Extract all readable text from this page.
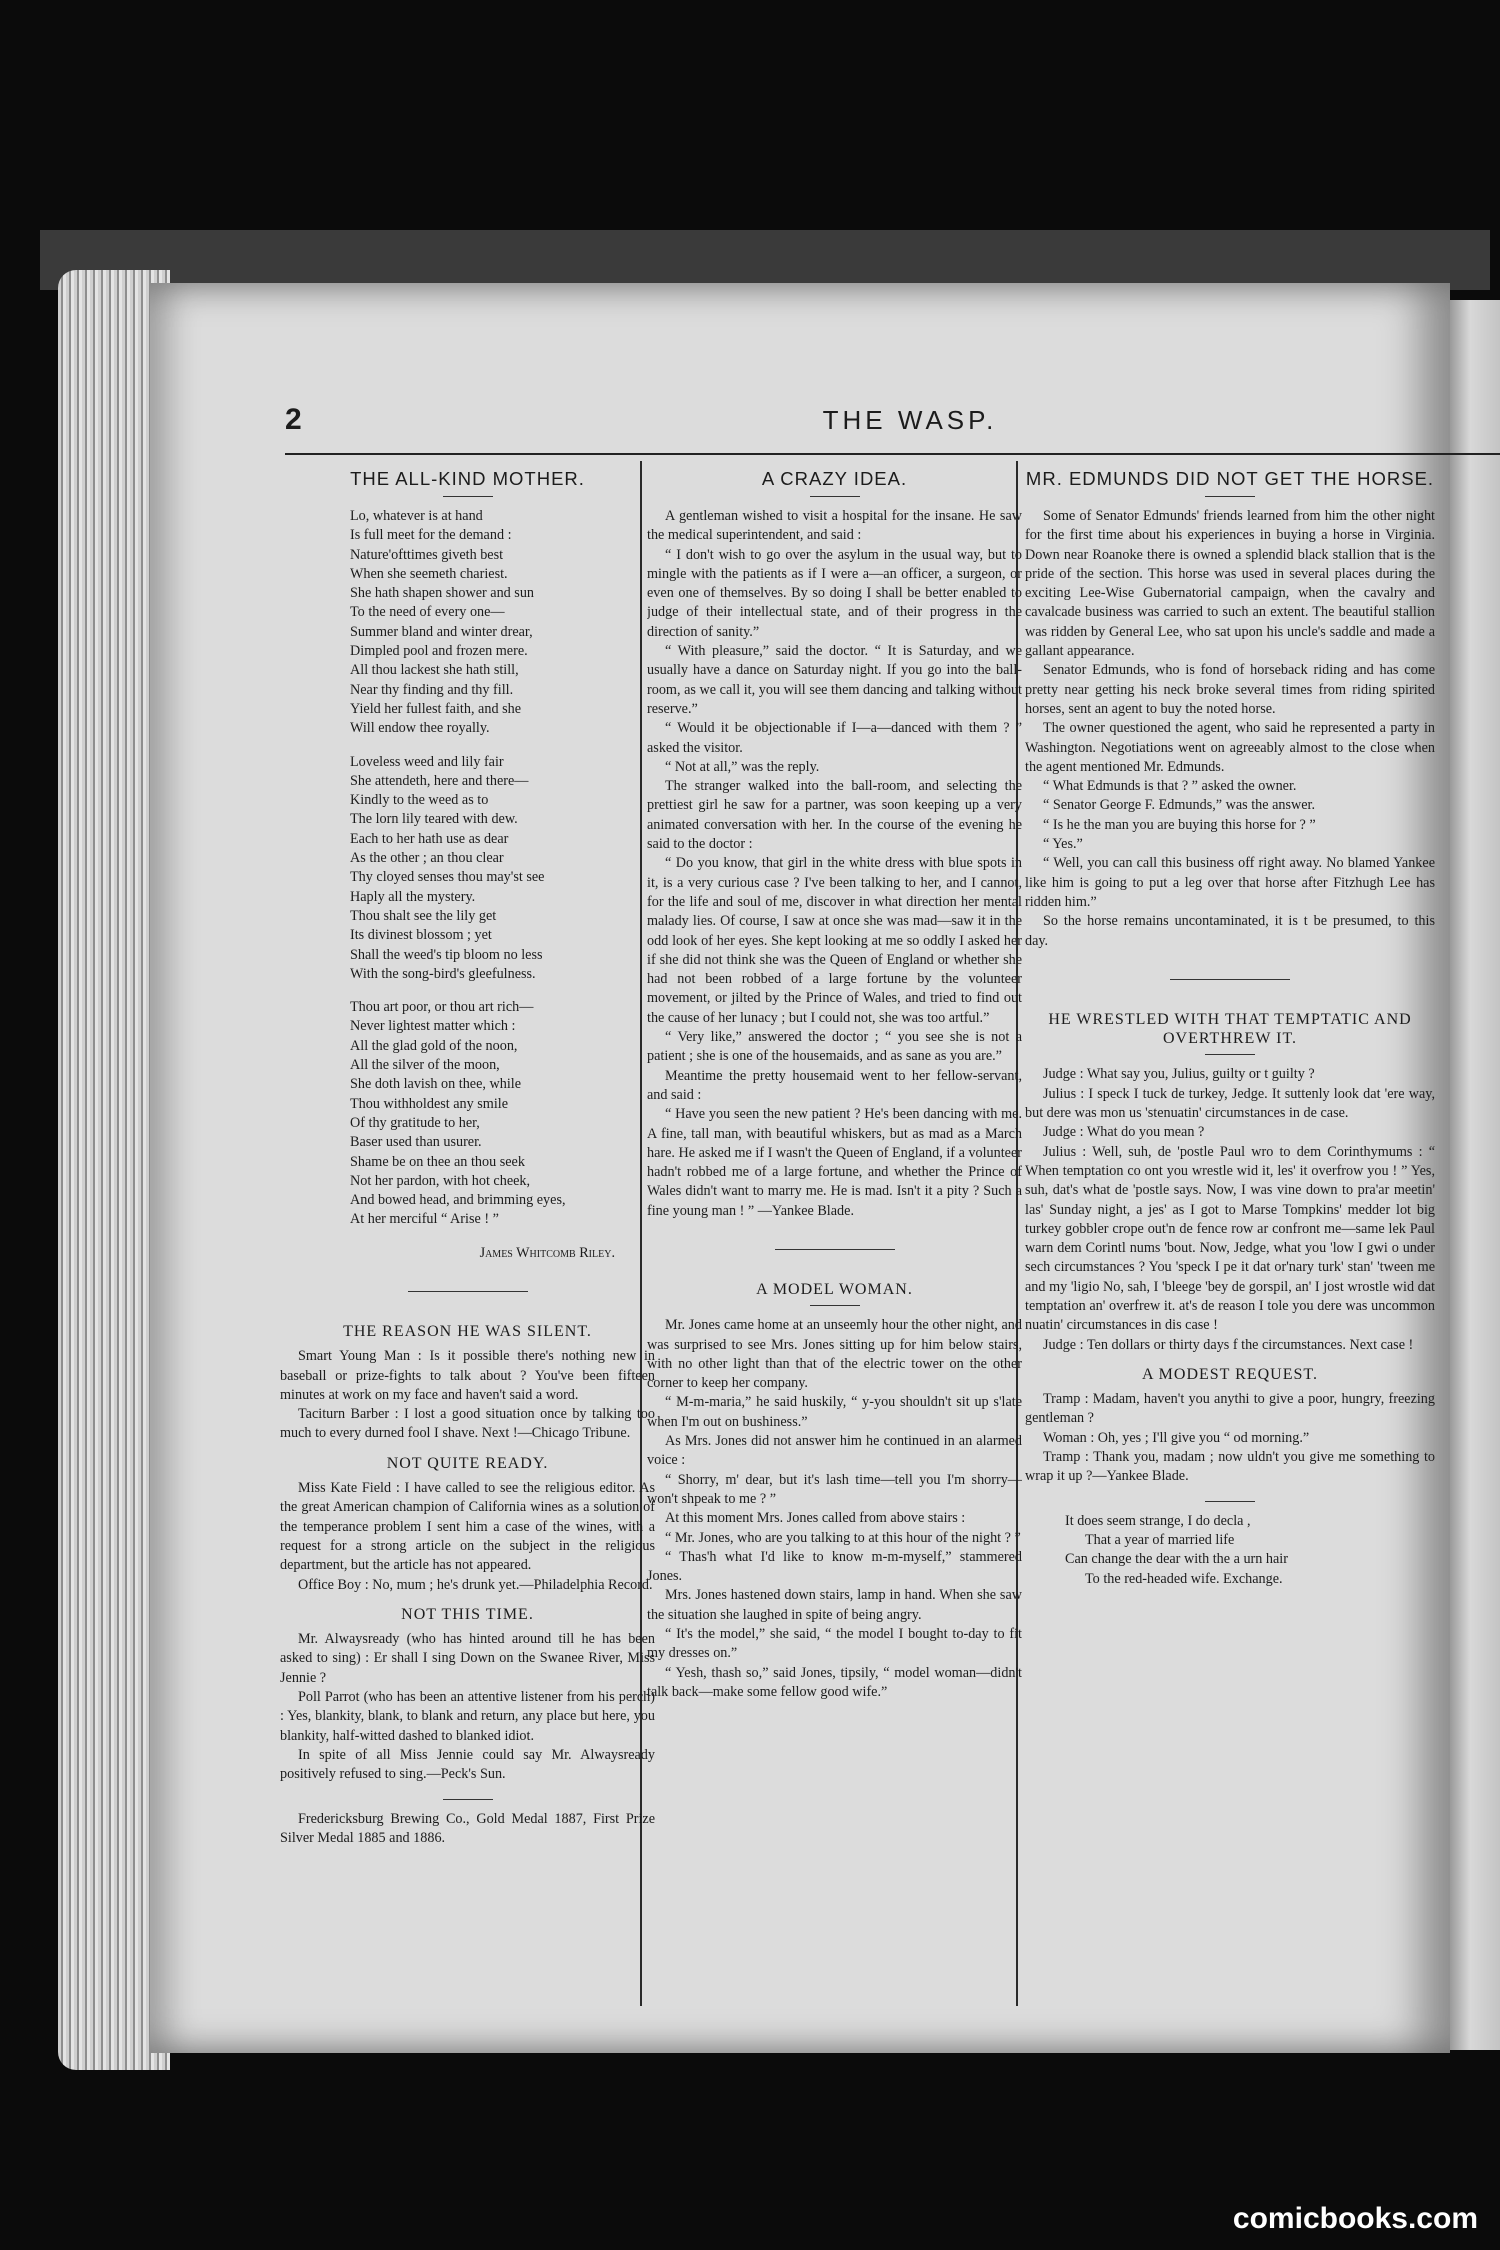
2	THE WASP.
THE ALL-KIND MOTHER.
Lo, whatever is at hand
Is full meet for the demand :
Nature'ofttimes giveth best
When she seemeth chariest.
She hath shapen shower and sun
To the need of every one—
Summer bland and winter drear,
Dimpled pool and frozen mere.
All thou lackest she hath still,
Near thy finding and thy fill.
Yield her fullest faith, and she
Will endow thee royally.
Loveless weed and lily fair
She attendeth, here and there—
Kindly to the weed as to
The lorn lily teared with dew.
Each to her hath use as dear
As the other ; an thou clear
Thy cloyed senses thou may'st see
Haply all the mystery.
Thou shalt see the lily get
Its divinest blossom ; yet
Shall the weed's tip bloom no less
With the song-bird's gleefulness.
Thou art poor, or thou art rich—
Never lightest matter which :
All the glad gold of the noon,
All the silver of the moon,
She doth lavish on thee, while
Thou withholdest any smile
Of thy gratitude to her,
Baser used than usurer.
Shame be on thee an thou seek
Not her pardon, with hot cheek,
And bowed head, and brimming eyes,
At her merciful “ Arise ! ”
James Whitcomb Riley.
THE REASON HE WAS SILENT.

Smart Young Man : Is it possible there's nothing new in baseball or prize-fights to talk about ? You've been fifteen minutes at work on my face and haven't said a word.

Taciturn Barber : I lost a good situation once by talking too much to every durned fool I shave. Next !—Chicago Tribune.

NOT QUITE READY.

Miss Kate Field : I have called to see the religious editor. As the great American champion of California wines as a solution of the temperance problem I sent him a case of the wines, with a request for a strong article on the subject in the religious department, but the article has not appeared.

Office Boy : No, mum ; he's drunk yet.—Philadelphia Record.

NOT THIS TIME.

Mr. Alwaysready (who has hinted around till he has been asked to sing) : Er shall I sing Down on the Swanee River, Miss Jennie ?

Poll Parrot (who has been an attentive listener from his perch) : Yes, blankity, blank, to blank and return, any place but here, you blankity, half-witted dashed to blanked idiot.

In spite of all Miss Jennie could say Mr. Alwaysready positively refused to sing.—Peck's Sun.

Fredericksburg Brewing Co., Gold Medal 1887, First Prize Silver Medal 1885 and 1886.

A CRAZY IDEA.

A gentleman wished to visit a hospital for the insane. He saw the medical superintendent, and said :

“ I don't wish to go over the asylum in the usual way, but to mingle with the patients as if I were a—an officer, a surgeon, or even one of themselves. By so doing I shall be better enabled to judge of their intellectual state, and of their progress in the direction of sanity.”

“ With pleasure,” said the doctor. “ It is Saturday, and we usually have a dance on Saturday night. If you go into the ball-room, as we call it, you will see them dancing and talking without reserve.”

“ Would it be objectionable if I—a—danced with them ? ” asked the visitor.

“ Not at all,” was the reply.

The stranger walked into the ball-room, and selecting the prettiest girl he saw for a partner, was soon keeping up a very animated conversation with her. In the course of the evening he said to the doctor :

“ Do you know, that girl in the white dress with blue spots in it, is a very curious case ? I've been talking to her, and I cannot, for the life and soul of me, discover in what direction her mental malady lies. Of course, I saw at once she was mad—saw it in the odd look of her eyes. She kept looking at me so oddly I asked her if she did not think she was the Queen of England or whether she had not been robbed of a large fortune by the volunteer movement, or jilted by the Prince of Wales, and tried to find out the cause of her lunacy ; but I could not, she was too artful.”

“ Very like,” answered the doctor ; “ you see she is not a patient ; she is one of the housemaids, and as sane as you are.”

Meantime the pretty housemaid went to her fellow-servant, and said :

“ Have you seen the new patient ? He's been dancing with me. A fine, tall man, with beautiful whiskers, but as mad as a March hare. He asked me if I wasn't the Queen of England, if a volunteer hadn't robbed me of a large fortune, and whether the Prince of Wales didn't want to marry me. He is mad. Isn't it a pity ? Such a fine young man ! ” —Yankee Blade.

A MODEL WOMAN.

Mr. Jones came home at an unseemly hour the other night, and was surprised to see Mrs. Jones sitting up for him below stairs, with no other light than that of the electric tower on the other corner to keep her company.

“ M-m-maria,” he said huskily, “ y-you shouldn't sit up s'late when I'm out on bushiness.”

As Mrs. Jones did not answer him he continued in an alarmed voice :

“ Shorry, m' dear, but it's lash time—tell you I'm shorry—won't shpeak to me ? ”

At this moment Mrs. Jones called from above stairs :

“ Mr. Jones, who are you talking to at this hour of the night ? ”

“ Thas'h what I'd like to know m-m-myself,” stammered Jones.

Mrs. Jones hastened down stairs, lamp in hand. When she saw the situation she laughed in spite of being angry.

“ It's the model,” she said, “ the model I bought to-day to fit my dresses on.”

“ Yesh, thash so,” said Jones, tipsily, “ model woman—didn't talk back—make some fellow good wife.”

MR. EDMUNDS DID NOT GET THE HORSE.

Some of Senator Edmunds' friends learned from him the other night for the first time about his experiences in buying a horse in Virginia. Down near Roanoke there is owned a splendid black stallion that is the pride of the section. This horse was used in several places during the exciting Lee-Wise Gubernatorial campaign, when the cavalry and cavalcade business was carried to such an extent. The beautiful stallion was ridden by General Lee, who sat upon his uncle's saddle and made a gallant appearance.

Senator Edmunds, who is fond of horseback riding and has come pretty near getting his neck broke several times from riding spirited horses, sent an agent to buy the noted horse.

The owner questioned the agent, who said he represented a party in Washington. Negotiations went on agreeably almost to the close when the agent mentioned Mr. Edmunds.

“ What Edmunds is that ? ” asked the owner.

“ Senator George F. Edmunds,” was the answer.

“ Is he the man you are buying this horse for ? ”

“ Yes.”

“ Well, you can call this business off right away. No blamed Yankee like him is going to put a leg over that horse after Fitzhugh Lee has ridden him.”

So the horse remains uncontaminated, it is t be presumed, to this day.

HE WRESTLED WITH THAT TEMPTATIC AND OVERTHREW IT.

Judge : What say you, Julius, guilty or t guilty ?

Julius : I speck I tuck de turkey, Jedge. It suttenly look dat 'ere way, but dere was mon us 'stenuatin' circumstances in de case.

Judge : What do you mean ?

Julius : Well, suh, de 'postle Paul wro to dem Corinthymums : “ When temptation co ont you wrestle wid it, les' it overfrow you ! ” Yes, suh, dat's what de 'postle says. Now, I was vine down to pra'ar meetin' las' Sunday night, a jes' as I got to Marse Tompkins' medder lot big turkey gobbler crope out'n de fence row ar confront me—same lek Paul warn dem Corintl nums 'bout. Now, Jedge, what you 'low I gwi o under sech circumstances ? You 'speck I pe it dat or'nary turk' stan' 'tween me and my 'ligio No, sah, I 'bleege 'bey de gorspil, an' I jost wrostle wid dat temptation an' overfrew it. at's de reason I tole you dere was uncommon nuatin' circumstances in dis case !

Judge : Ten dollars or thirty days f the circumstances. Next case !

A MODEST REQUEST.

Tramp : Madam, haven't you anythi to give a poor, hungry, freezing gentleman ?

Woman : Oh, yes ; I'll give you “ od morning.”

Tramp : Thank you, madam ; now uldn't you give me something to wrap it up ?—Yankee Blade.

It does seem strange, I do decla ,
That a year of married life
Can change the dear with the a urn hair
To the red-headed wife. Exchange.
comicbooks.com
